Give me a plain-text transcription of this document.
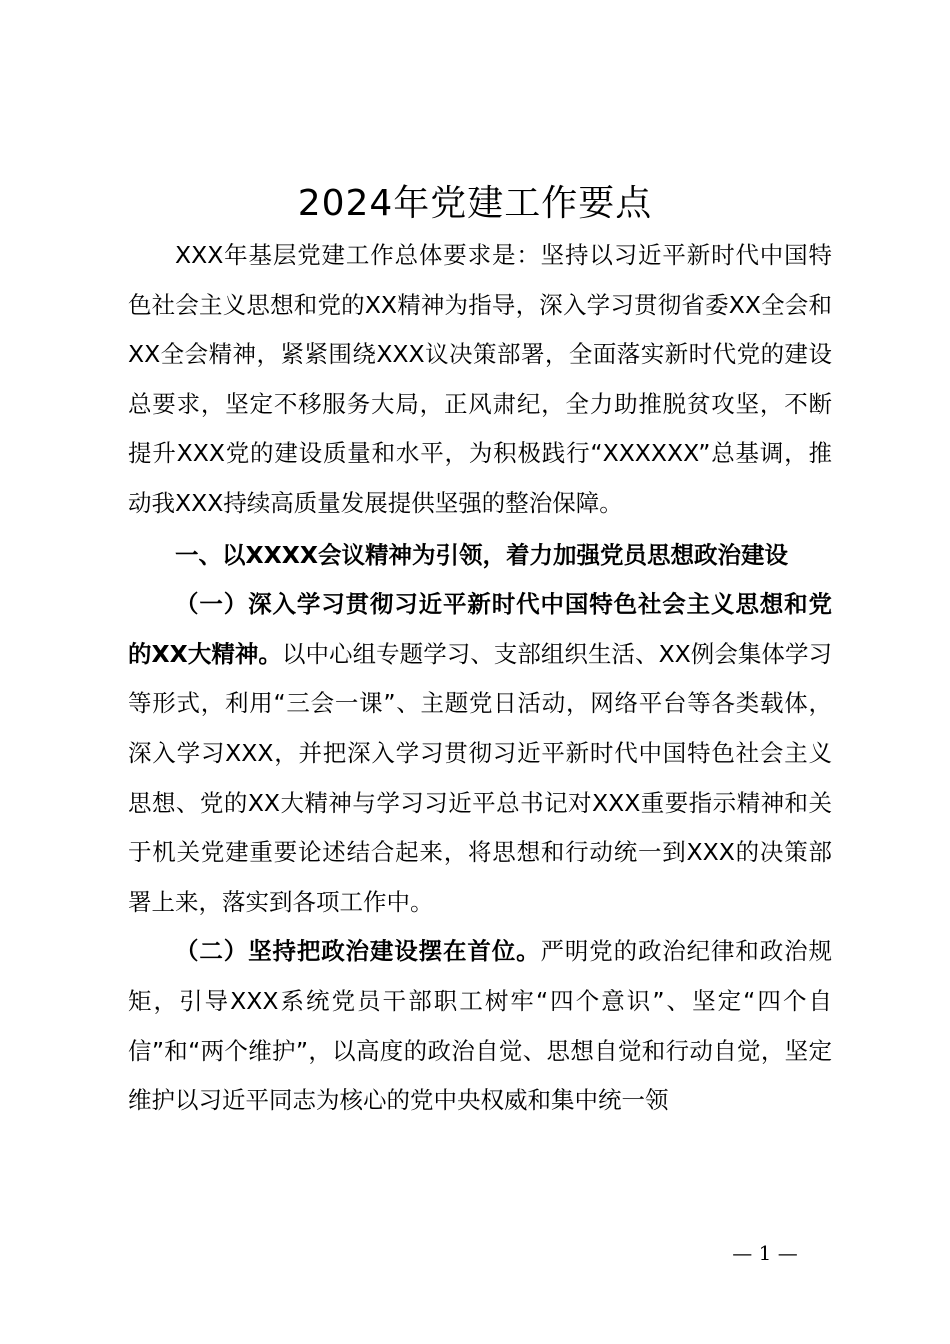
2024年党建工作要点

XXX年基层党建工作总体要求是：坚持以习近平新时代中国特色社会主义思想和党的XX精神为指导，深入学习贯彻省委XX全会和XX全会精神，紧紧围绕XXX议决策部署，全面落实新时代党的建设总要求，坚定不移服务大局，正风肃纪，全力助推脱贫攻坚，不断提升XXX党的建设质量和水平，为积极践行“XXXXXX”总基调，推动我XXX持续高质量发展提供坚强的整治保障。

一、以XXXX会议精神为引领，着力加强党员思想政治建设

（一）深入学习贯彻习近平新时代中国特色社会主义思想和党的XX大精神。以中心组专题学习、支部组织生活、XX例会集体学习等形式，利用“三会一课”、主题党日活动，网络平台等各类载体，深入学习XXX，并把深入学习贯彻习近平新时代中国特色社会主义思想、党的XX大精神与学习习近平总书记对XXX重要指示精神和关于机关党建重要论述结合起来，将思想和行动统一到XXX的决策部署上来，落实到各项工作中。

（二）坚持把政治建设摆在首位。严明党的政治纪律和政治规矩，引导XXX系统党员干部职工树牢“四个意识”、坚定“四个自信”和“两个维护”，以高度的政治自觉、思想自觉和行动自觉，坚定维护以习近平同志为核心的党中央权威和集中统一领

— 1 —
